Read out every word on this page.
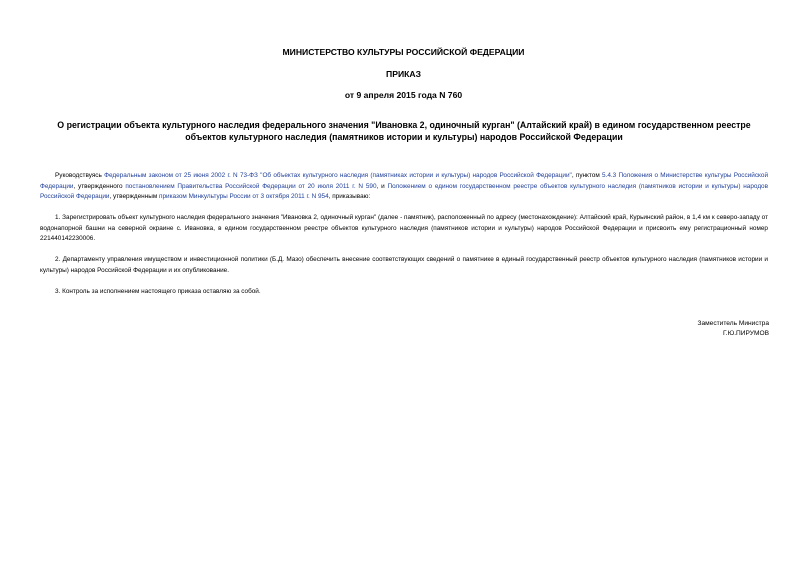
МИНИСТЕРСТВО КУЛЬТУРЫ РОССИЙСКОЙ ФЕДЕРАЦИИ
ПРИКАЗ
от 9 апреля 2015 года N 760
О регистрации объекта культурного наследия федерального значения "Ивановка 2, одиночный курган" (Алтайский край) в едином государственном реестре объектов культурного наследия (памятников истории и культуры) народов Российской Федерации

Руководствуясь Федеральным законом от 25 июня 2002 г. N 73-ФЗ "Об объектах культурного наследия (памятниках истории и культуры) народов Российской Федерации", пунктом 5.4.3 Положения о Министерстве культуры Российской Федерации, утвержденного постановлением Правительства Российской Федерации от 20 июля 2011 г. N 590, и Положением о едином государственном реестре объектов культурного наследия (памятников истории и культуры) народов Российской Федерации, утвержденным приказом Минкультуры России от 3 октября 2011 г. N 954, приказываю:

1. Зарегистрировать объект культурного наследия федерального значения "Ивановка 2, одиночный курган" (далее - памятник), расположенный по адресу (местонахождение): Алтайский край, Курьинский район, в 1,4 км к северо-западу от водонапорной башни на северной окраине с. Ивановка, в едином государственном реестре объектов культурного наследия (памятников истории и культуры) народов Российской Федерации и присвоить ему регистрационный номер 221440142230006.

2. Департаменту управления имуществом и инвестиционной политики (Б.Д. Мазо) обеспечить внесение соответствующих сведений о памятнике в единый государственный реестр объектов культурного наследия (памятников истории и культуры) народов Российской Федерации и их опубликование.

3. Контроль за исполнением настоящего приказа оставляю за собой.

Заместитель Министра
Г.Ю.ПИРУМОВ
